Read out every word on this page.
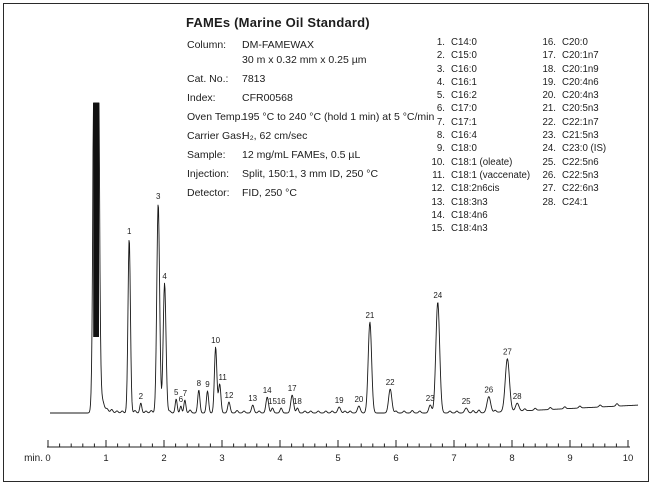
FAMEs (Marine Oil Standard)
Column:	DM-FAMEWAX
30 m x 0.32 mm x 0.25 µm
Cat. No.:	7813
Index:	CFR00568
Oven Temp.:
195 °C to 240 °C (hold 1 min) at 5 °C/min
Carrier Gas:
H₂, 62 cm/sec
Sample:	12 mg/mL FAMEs, 0.5 µL
Injection:	Split, 150:1, 3 mm ID, 250 °C
Detector:	FID, 250 °C
1. C14:0
2. C15:0
3. C16:0
4. C16:1
5. C16:2
6. C17:0
7. C17:1
8. C16:4
9. C18:0
10. C18:1 (oleate)
11. C18:1 (vaccenate)
12. C18:2n6cis
13. C18:3n3
14. C18:4n6
15. C18:4n3
16. C20:0
17. C20:1n7
18. C20:1n9
19. C20:4n6
20. C20:4n3
21. C20:5n3
22. C22:1n7
23. C21:5n3
24. C23:0 (IS)
25. C22:5n6
26. C22:5n3
27. C22:6n3
28. C24:1
0	1	2	3	4	5	6	7	8	9	10
min.
1
2
3
4
5
6
7
8 9
10
11
12 13
14
15 16
17
18	19 20
21
22
23
24
25
26
27
28
